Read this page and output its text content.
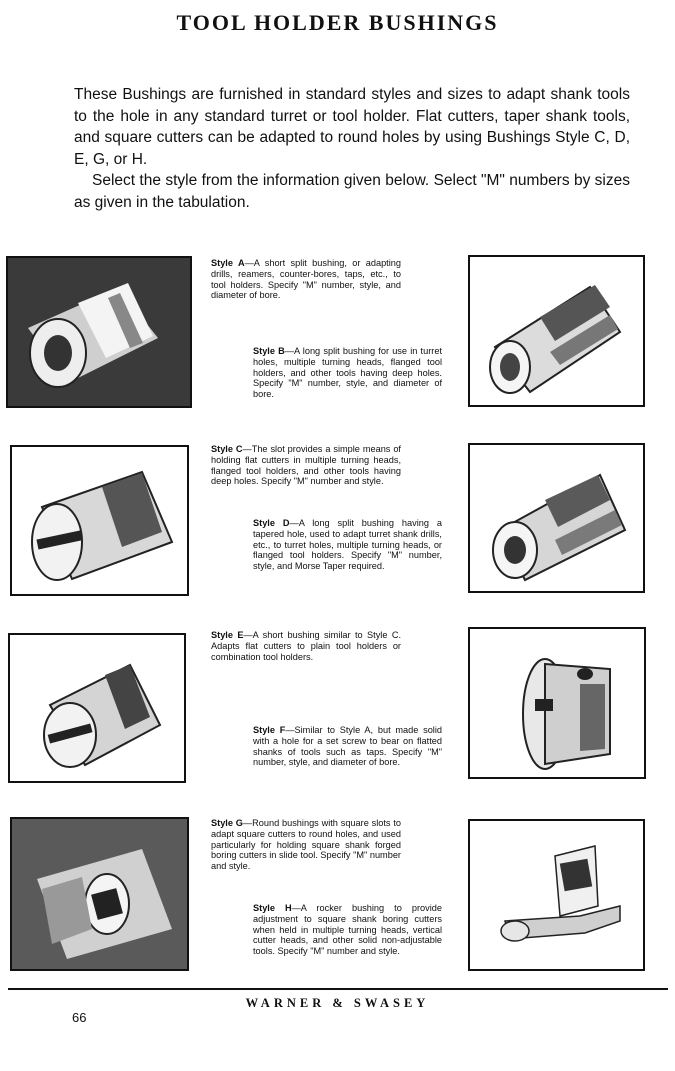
TOOL HOLDER BUSHINGS

These Bushings are furnished in standard styles and sizes to adapt shank tools to the hole in any standard turret or tool holder. Flat cutters, taper shank tools, and square cutters can be adapted to round holes by using Bushings Style C, D, E, G, or H.

Select the style from the information given below. Select "M" numbers by sizes as given in the tabulation.

Style A—A short split bushing, or adapting drills, reamers, counter-bores, taps, etc., to tool holders. Specify "M" number, style, and diameter of bore.
Style B—A long split bushing for use in turret holes, multiple turning heads, flanged tool holders, and other tools having deep holes. Specify "M" number, style, and diameter of bore.
Style C—The slot provides a simple means of holding flat cutters in multiple turning heads, flanged tool holders, and other tools having deep holes. Specify "M" number and style.
Style D—A long split bushing having a tapered hole, used to adapt turret shank drills, etc., to turret holes, multiple turning heads, or flanged tool holders. Specify "M" number, style, and Morse Taper required.
Style E—A short bushing similar to Style C. Adapts flat cutters to plain tool holders or combination tool holders.
Style F—Similar to Style A, but made solid with a hole for a set screw to bear on flatted shanks of tools such as taps. Specify "M" number, style, and diameter of bore.
Style G—Round bushings with square slots to adapt square cutters to round holes, and used particularly for holding square shank forged boring cutters in slide tool. Specify "M" number and style.
Style H—A rocker bushing to provide adjustment to square shank boring cutters when held in multiple turning heads, vertical cutter heads, and other solid non-adjustable tools. Specify "M" number and style.
WARNER & SWASEY
66
